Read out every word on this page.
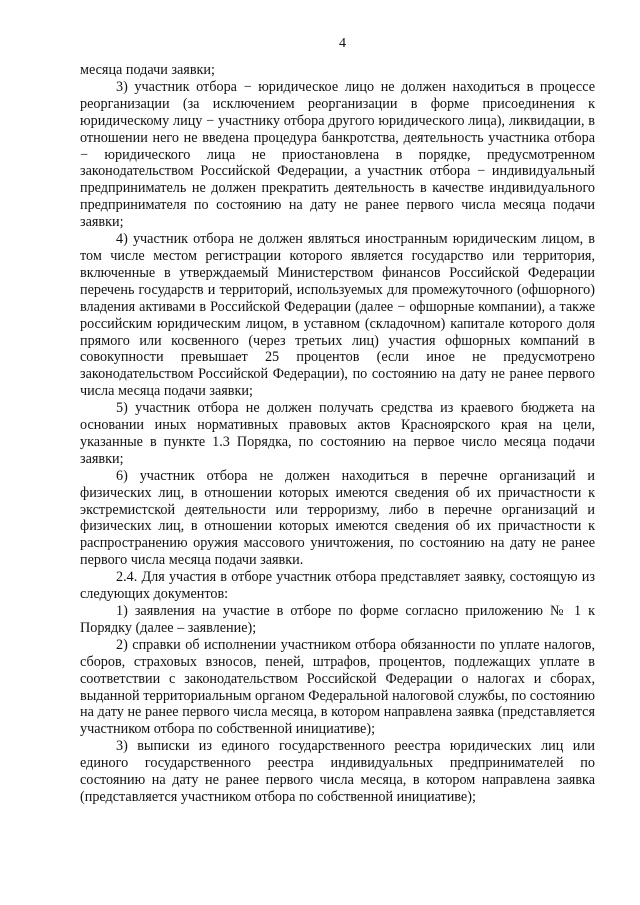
4

месяца подачи заявки;

3) участник отбора − юридическое лицо не должен находиться в процессе реорганизации (за исключением реорганизации в форме присоединения к юридическому лицу − участнику отбора другого юридического лица), ликвидации, в отношении него не введена процедура банкротства, деятельность участника отбора − юридического лица не приостановлена в порядке, предусмотренном законодательством Российской Федерации, а участник отбора − индивидуальный предприниматель не должен прекратить деятельность в качестве индивидуального предпринимателя по состоянию на дату не ранее первого числа месяца подачи заявки;

4) участник отбора не должен являться иностранным юридическим лицом, в том числе местом регистрации которого является государство или территория, включенные в утверждаемый Министерством финансов Российской Федерации перечень государств и территорий, используемых для промежуточного (офшорного) владения активами в Российской Федерации (далее − офшорные компании), а также российским юридическим лицом, в уставном (складочном) капитале которого доля прямого или косвенного (через третьих лиц) участия офшорных компаний в совокупности превышает 25 процентов (если иное не предусмотрено законодательством Российской Федерации), по состоянию на дату не ранее первого числа месяца подачи заявки;

5) участник отбора не должен получать средства из краевого бюджета на основании иных нормативных правовых актов Красноярского края на цели, указанные в пункте 1.3 Порядка, по состоянию на первое число месяца подачи заявки;

6) участник отбора не должен находиться в перечне организаций и физических лиц, в отношении которых имеются сведения об их причастности к экстремистской деятельности или терроризму, либо в перечне организаций и физических лиц, в отношении которых имеются сведения об их причастности к распространению оружия массового уничтожения, по состоянию на дату не ранее первого числа месяца подачи заявки.

2.4. Для участия в отборе участник отбора представляет заявку, состоящую из следующих документов:

1) заявления на участие в отборе по форме согласно приложению № 1 к Порядку (далее – заявление);

2) справки об исполнении участником отбора обязанности по уплате налогов, сборов, страховых взносов, пеней, штрафов, процентов, подлежащих уплате в соответствии с законодательством Российской Федерации о налогах и сборах, выданной территориальным органом Федеральной налоговой службы, по состоянию на дату не ранее первого числа месяца, в котором направлена заявка (представляется участником отбора по собственной инициативе);

3) выписки из единого государственного реестра юридических лиц или единого государственного реестра индивидуальных предпринимателей по состоянию на дату не ранее первого числа месяца, в котором направлена заявка (представляется участником отбора по собственной инициативе);
